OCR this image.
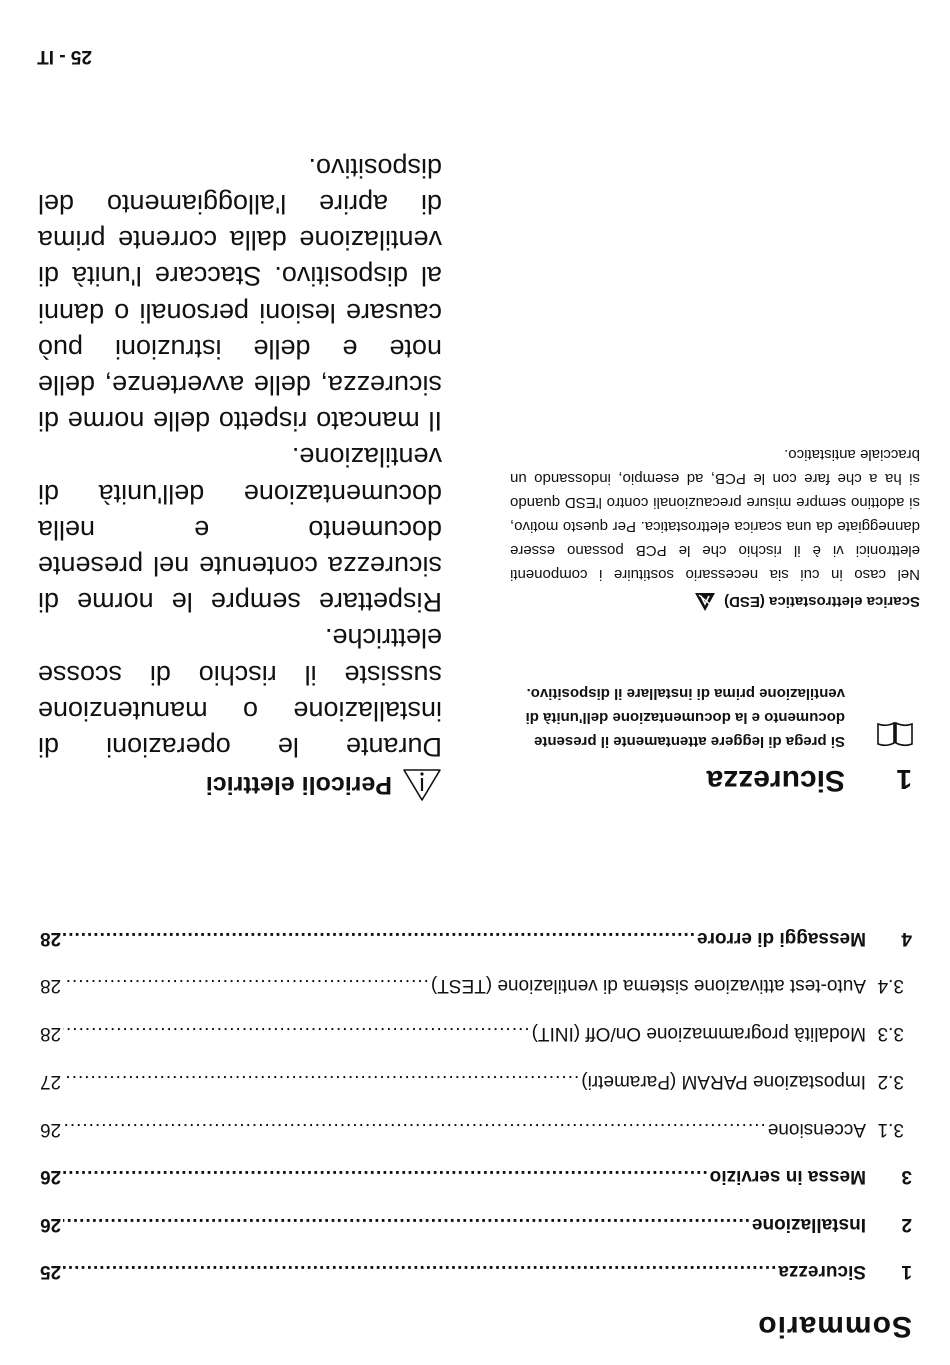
Sommario
1
Sicurezza
.....
25
2
Installazione
.....
26
3
Messa in servizio
.....
26
3.1
Accensione
.....
26
3.2
Impostazione PARAM (Parametri)
.....
27
3.3
Modalità programmazione On/Off (INIT)
.....
28
3.4
Auto-test attivazione sistema di ventilazione (TEST)
.....
28
4
Messaggi di errore
.....
28
1
Sicurezza
Si prega di leggere attentamente il presente documento e la documentazione dell'unità di ventilazione prima di installare il dispositivo.
Scarica elettrostatica (ESD)
Nel caso in cui sia necessario sostituire i componenti elettronici vi è il rischio che le PCB possano essere danneggiate da una scarica elettrostatica. Per questo motivo, si adottino sempre misure precauzionali contro l'ESD quando si ha a che fare con le PCB, ad esempio, indossando un bracciale antistatico.
Pericoli elettrici

Durante le operazioni di installazione o manutenzione sussiste il rischio di scosse elettriche.

Rispettare sempre le norme di sicurezza contenute nel presente documento e nella documentazione dell'unità di ventilazione.

Il mancato rispetto delle norme di sicurezza, delle avvertenze, delle note e delle istruzioni può causare lesioni personali o danni al dispositivo. Staccare l'unità di ventilazione dalla corrente prima di aprire l'alloggiamento del dispositivo.

25 - IT
